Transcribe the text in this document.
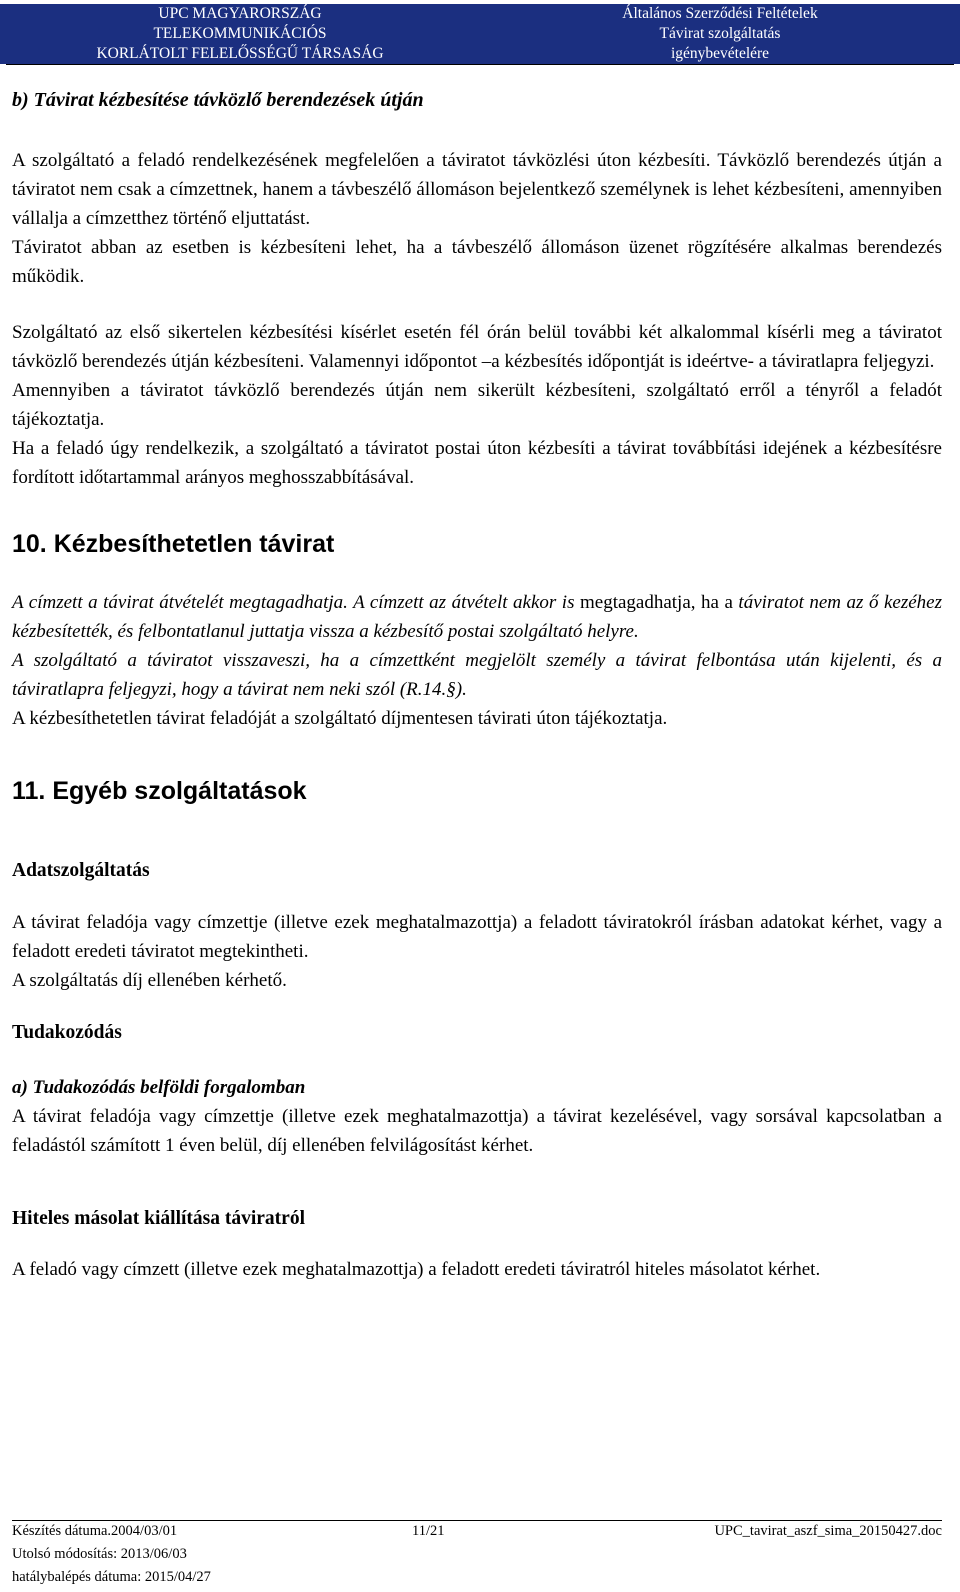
UPC MAGYARORSZÁG
TELEKOMMUNIKÁCIÓS
KORLÁTOLT FELELŐSSÉGŰ TÁRSASÁG
Általános Szerződési Feltételek
Távirat szolgáltatás
igénybevételére

b) Távirat kézbesítése távközlő berendezések útján

A szolgáltató a feladó rendelkezésének megfelelően a táviratot távközlési úton kézbesíti. Távközlő berendezés útján a táviratot nem csak a címzettnek, hanem a távbeszélő állomáson bejelentkező személynek is lehet kézbesíteni, amennyiben vállalja a címzetthez történő eljuttatást.

Táviratot abban az esetben is kézbesíteni lehet, ha a távbeszélő állomáson üzenet rögzítésére alkalmas berendezés működik.

Szolgáltató az első sikertelen kézbesítési kísérlet esetén fél órán belül további két alkalommal kísérli meg a táviratot távközlő berendezés útján kézbesíteni. Valamennyi időpontot –a kézbesítés időpontját is ideértve- a táviratlapra feljegyzi.

Amennyiben a táviratot távközlő berendezés útján nem sikerült kézbesíteni, szolgáltató erről a tényről a feladót tájékoztatja.

Ha a feladó úgy rendelkezik, a szolgáltató a táviratot postai úton kézbesíti a távirat továbbítási idejének a kézbesítésre fordított időtartammal arányos meghosszabbításával.

10. Kézbesíthetetlen távirat

A címzett a távirat átvételét megtagadhatja. A címzett az átvételt akkor is megtagadhatja, ha a táviratot nem az ő kezéhez kézbesítették, és felbontatlanul juttatja vissza a kézbesítő postai szolgáltató helyre.

A szolgáltató a táviratot visszaveszi, ha a címzettként megjelölt személy a távirat felbontása után kijelenti, és a táviratlapra feljegyzi, hogy a távirat nem neki szól (R.14.§).

A kézbesíthetetlen távirat feladóját a szolgáltató díjmentesen távirati úton tájékoztatja.

11. Egyéb szolgáltatások

Adatszolgáltatás

A távirat feladója vagy címzettje (illetve ezek meghatalmazottja) a feladott táviratokról írásban adatokat kérhet, vagy a feladott eredeti táviratot megtekintheti.

A szolgáltatás díj ellenében kérhető.

Tudakozódás

a) Tudakozódás belföldi forgalomban

A távirat feladója vagy címzettje (illetve ezek meghatalmazottja) a távirat kezelésével, vagy sorsával kapcsolatban a feladástól számított 1 éven belül, díj ellenében felvilágosítást kérhet.

Hiteles másolat kiállítása táviratról

A feladó vagy címzett (illetve ezek meghatalmazottja) a feladott eredeti táviratról hiteles másolatot kérhet.

Készítés dátuma.2004/03/01	11/21	UPC_tavirat_aszf_sima_20150427.doc
Utolsó módosítás: 2013/06/03
hatálybalépés dátuma: 2015/04/27
